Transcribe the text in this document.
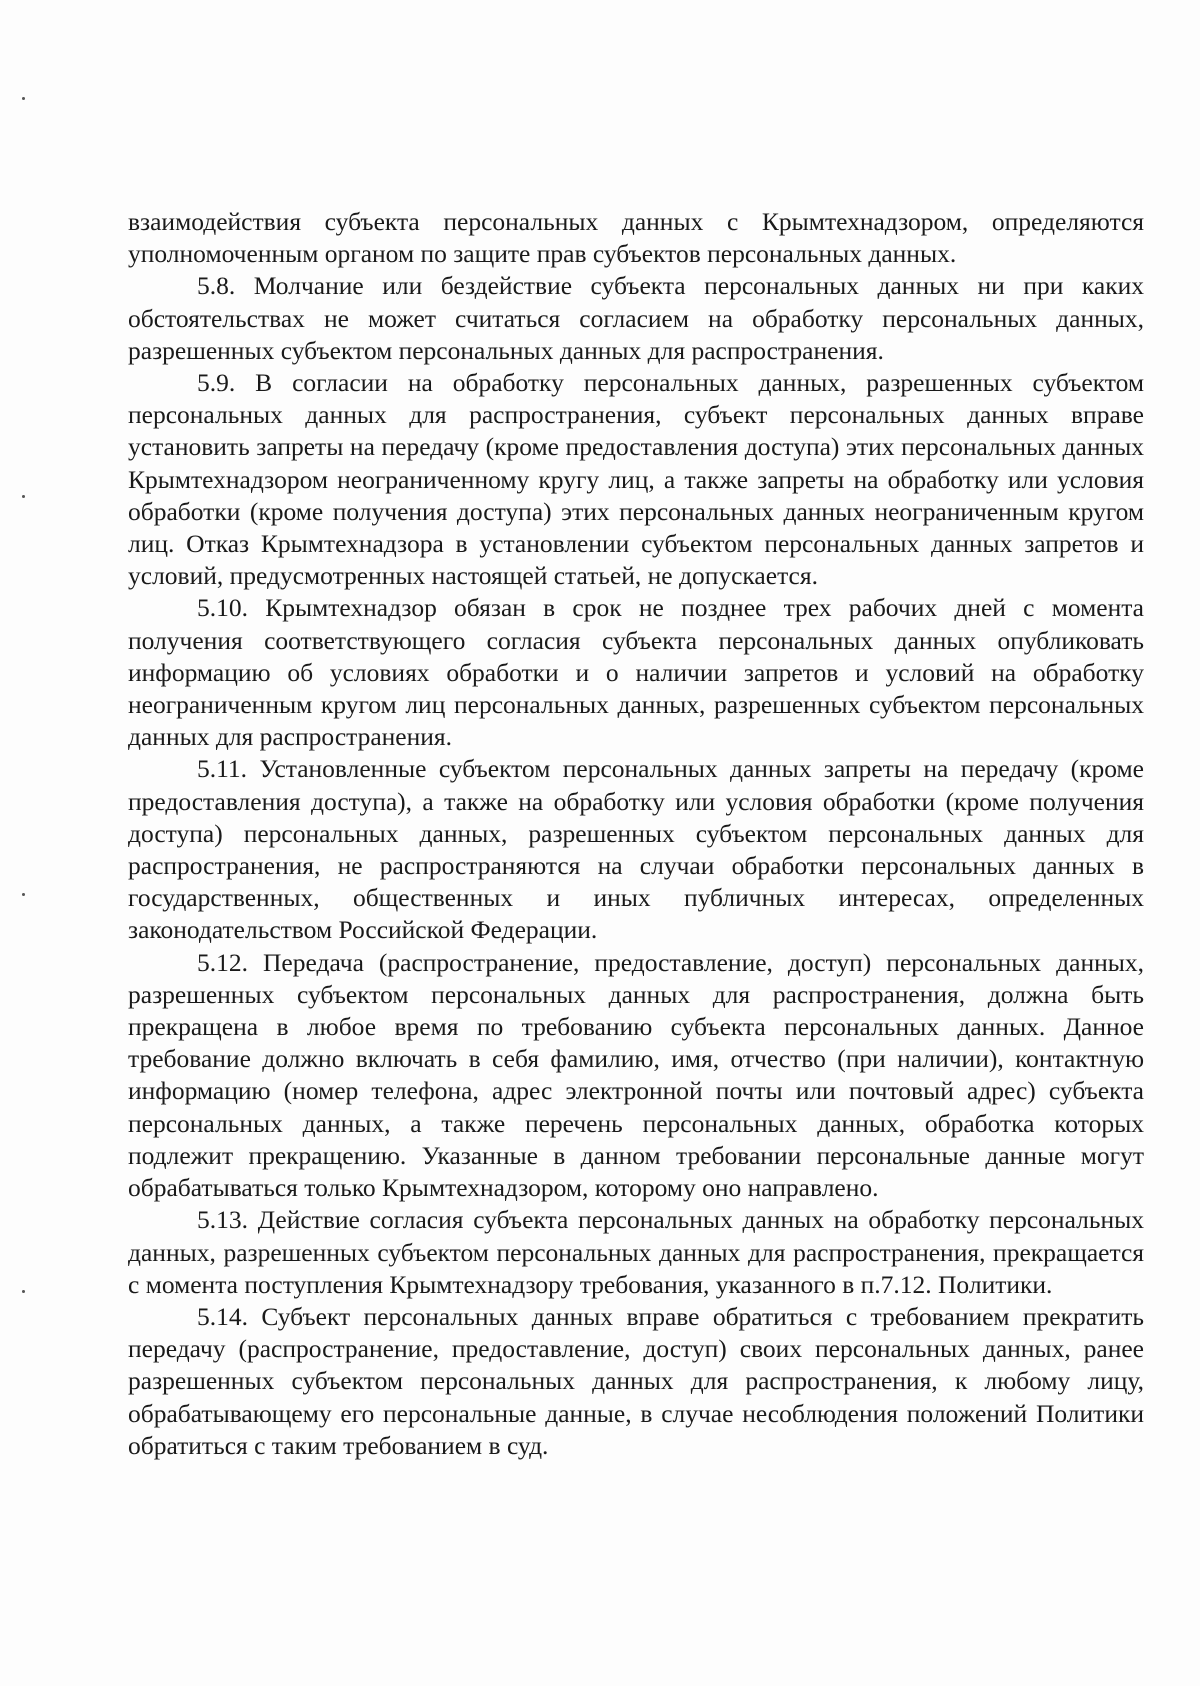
взаимодействия субъекта персональных данных с Крымтехнадзором, определяются уполномоченным органом по защите прав субъектов персональных данных.

5.8. Молчание или бездействие субъекта персональных данных ни при каких обстоятельствах не может считаться согласием на обработку персональных данных, разрешенных субъектом персональных данных для распространения.

5.9. В согласии на обработку персональных данных, разрешенных субъектом персональных данных для распространения, субъект персональных данных вправе установить запреты на передачу (кроме предоставления доступа) этих персональных данных Крымтехнадзором неограниченному кругу лиц, а также запреты на обработку или условия обработки (кроме получения доступа) этих персональных данных неограниченным кругом лиц. Отказ Крымтехнадзора в установлении субъектом персональных данных запретов и условий, предусмотренных настоящей статьей, не допускается.

5.10. Крымтехнадзор обязан в срок не позднее трех рабочих дней с момента получения соответствующего согласия субъекта персональных данных опубликовать информацию об условиях обработки и о наличии запретов и условий на обработку неограниченным кругом лиц персональных данных, разрешенных субъектом персональных данных для распространения.

5.11. Установленные субъектом персональных данных запреты на передачу (кроме предоставления доступа), а также на обработку или условия обработки (кроме получения доступа) персональных данных, разрешенных субъектом персональных данных для распространения, не распространяются на случаи обработки персональных данных в государственных, общественных и иных публичных интересах, определенных законодательством Российской Федерации.

5.12. Передача (распространение, предоставление, доступ) персональных данных, разрешенных субъектом персональных данных для распространения, должна быть прекращена в любое время по требованию субъекта персональных данных. Данное требование должно включать в себя фамилию, имя, отчество (при наличии), контактную информацию (номер телефона, адрес электронной почты или почтовый адрес) субъекта персональных данных, а также перечень персональных данных, обработка которых подлежит прекращению. Указанные в данном требовании персональные данные могут обрабатываться только Крымтехнадзором, которому оно направлено.

5.13. Действие согласия субъекта персональных данных на обработку персональных данных, разрешенных субъектом персональных данных для распространения, прекращается с момента поступления Крымтехнадзору требования, указанного в п.7.12. Политики.

5.14. Субъект персональных данных вправе обратиться с требованием прекратить передачу (распространение, предоставление, доступ) своих персональных данных, ранее разрешенных субъектом персональных данных для распространения, к любому лицу, обрабатывающему его персональные данные, в случае несоблюдения положений Политики обратиться с таким требованием в суд.
